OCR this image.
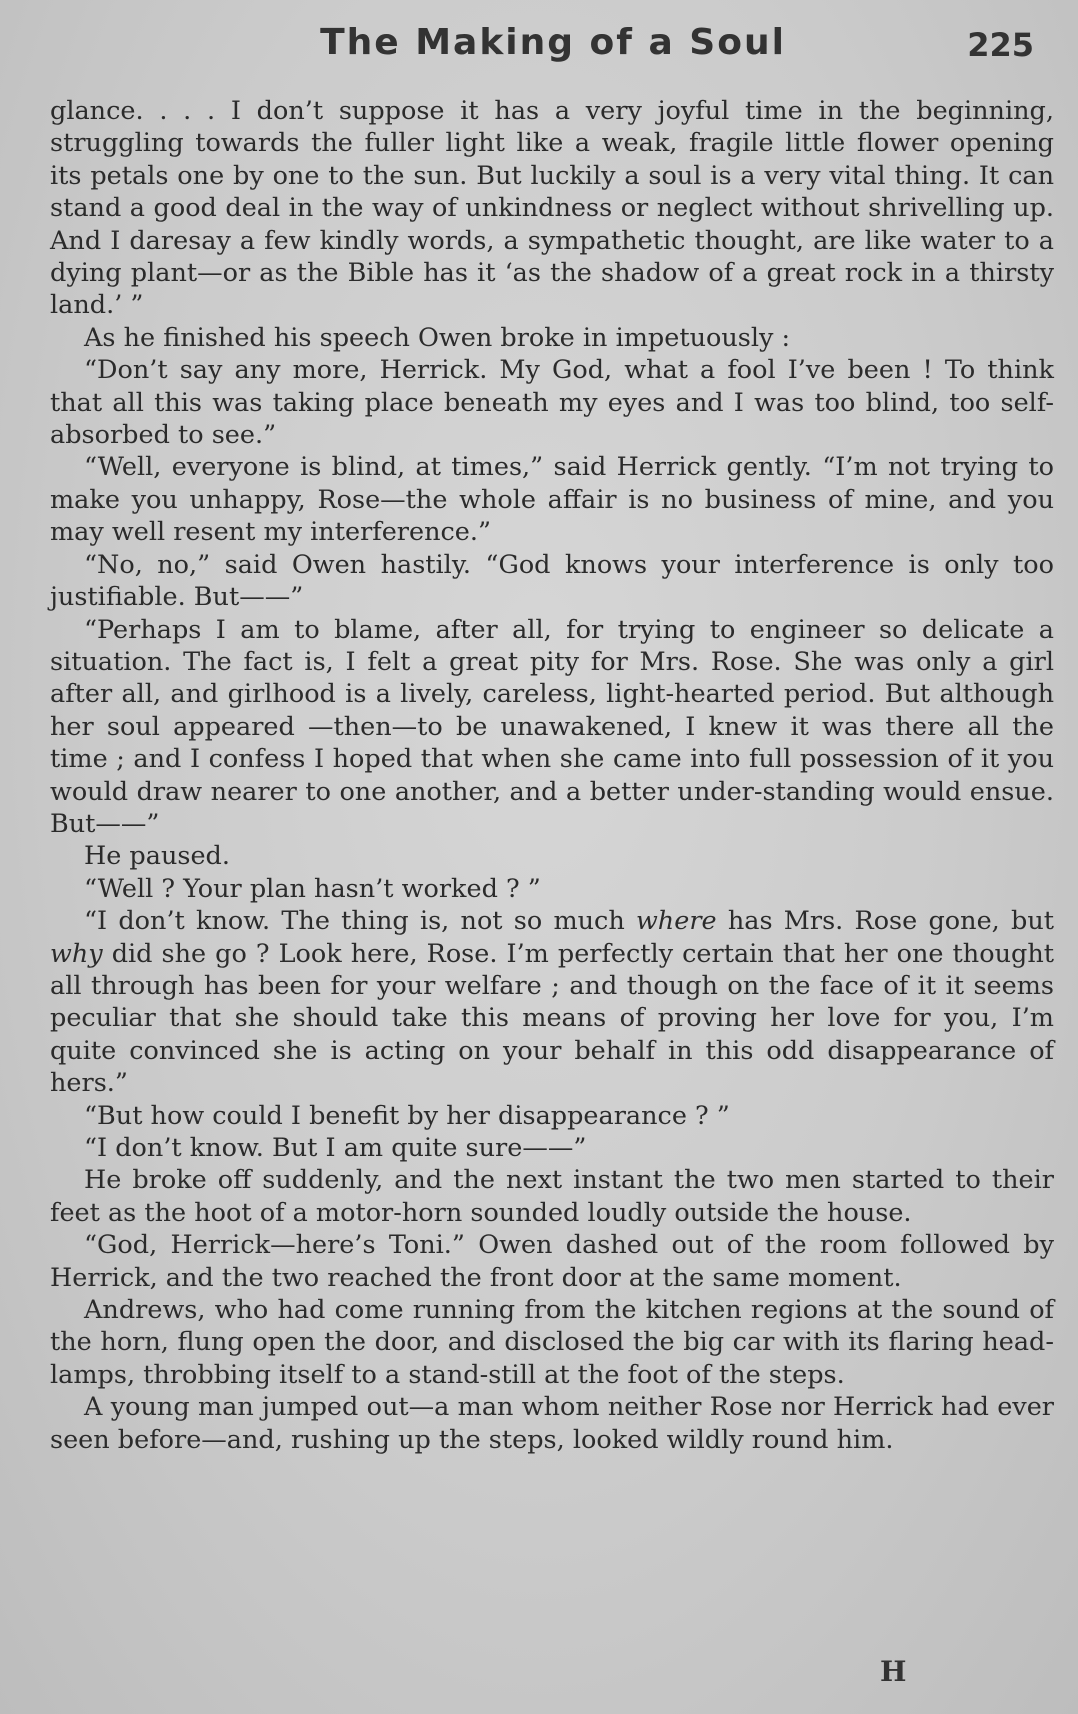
The Making of a Soul	225

glance. . . . I don’t suppose it has a very joyful time in the beginning, struggling towards the fuller light like a weak, fragile little flower opening its petals one by one to the sun. But luckily a soul is a very vital thing. It can stand a good deal in the way of unkindness or neglect without shrivelling up. And I daresay a few kindly words, a sympathetic thought, are like water to a dying plant—or as the Bible has it ‘as the shadow of a great rock in a thirsty land.’ ”

As he finished his speech Owen broke in impetuously :

“Don’t say any more, Herrick. My God, what a fool I’ve been ! To think that all this was taking place beneath my eyes and I was too blind, too self-absorbed to see.”

“Well, everyone is blind, at times,” said Herrick gently. “I’m not trying to make you unhappy, Rose—the whole affair is no business of mine, and you may well resent my interference.”

“No, no,” said Owen hastily. “God knows your interference is only too justifiable. But——”

“Perhaps I am to blame, after all, for trying to engineer so delicate a situation. The fact is, I felt a great pity for Mrs. Rose. She was only a girl after all, and girlhood is a lively, careless, light-hearted period. But although her soul appeared —then—to be unawakened, I knew it was there all the time ; and I confess I hoped that when she came into full possession of it you would draw nearer to one another, and a better under-standing would ensue. But——”

He paused.

“Well ? Your plan hasn’t worked ? ”

“I don’t know. The thing is, not so much where has Mrs. Rose gone, but why did she go ? Look here, Rose. I’m perfectly certain that her one thought all through has been for your welfare ; and though on the face of it it seems peculiar that she should take this means of proving her love for you, I’m quite convinced she is acting on your behalf in this odd disappearance of hers.”

“But how could I benefit by her disappearance ? ”

“I don’t know. But I am quite sure——”

He broke off suddenly, and the next instant the two men started to their feet as the hoot of a motor-horn sounded loudly outside the house.

“God, Herrick—here’s Toni.” Owen dashed out of the room followed by Herrick, and the two reached the front door at the same moment.

Andrews, who had come running from the kitchen regions at the sound of the horn, flung open the door, and disclosed the big car with its flaring head-lamps, throbbing itself to a stand-still at the foot of the steps.

A young man jumped out—a man whom neither Rose nor Herrick had ever seen before—and, rushing up the steps, looked wildly round him.

H
